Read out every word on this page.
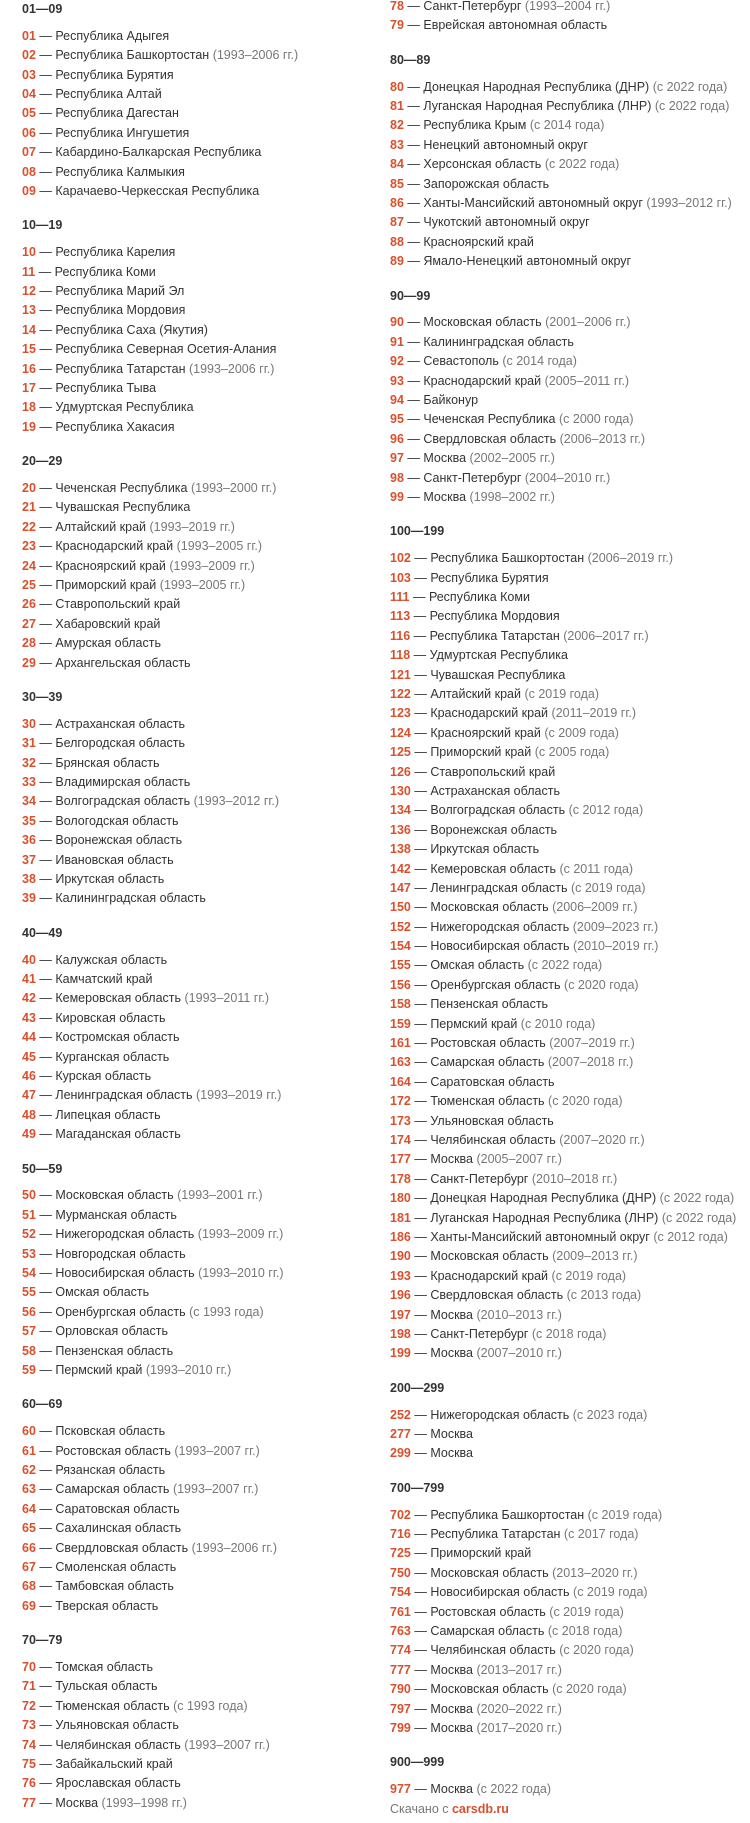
01—09
01 — Республика Адыгея
02 — Республика Башкортостан (1993–2006 гг.)
03 — Республика Бурятия
04 — Республика Алтай
05 — Республика Дагестан
06 — Республика Ингушетия
07 — Кабардино-Балкарская Республика
08 — Республика Калмыкия
09 — Карачаево-Черкесская Республика
10—19
10 — Республика Карелия
11 — Республика Коми
12 — Республика Марий Эл
13 — Республика Мордовия
14 — Республика Саха (Якутия)
15 — Республика Северная Осетия-Алания
16 — Республика Татарстан (1993–2006 гг.)
17 — Республика Тыва
18 — Удмуртская Республика
19 — Республика Хакасия
20—29
20 — Чеченская Республика (1993–2000 гг.)
21 — Чувашская Республика
22 — Алтайский край (1993–2019 гг.)
23 — Краснодарский край (1993–2005 гг.)
24 — Красноярский край (1993–2009 гг.)
25 — Приморский край (1993–2005 гг.)
26 — Ставропольский край
27 — Хабаровский край
28 — Амурская область
29 — Архангельская область
30—39
30 — Астраханская область
31 — Белгородская область
32 — Брянская область
33 — Владимирская область
34 — Волгоградская область (1993–2012 гг.)
35 — Вологодская область
36 — Воронежская область
37 — Ивановская область
38 — Иркутская область
39 — Калининградская область
40—49
40 — Калужская область
41 — Камчатский край
42 — Кемеровская область (1993–2011 гг.)
43 — Кировская область
44 — Костромская область
45 — Курганская область
46 — Курская область
47 — Ленинградская область (1993–2019 гг.)
48 — Липецкая область
49 — Магаданская область
50—59
50 — Московская область (1993–2001 гг.)
51 — Мурманская область
52 — Нижегородская область (1993–2009 гг.)
53 — Новгородская область
54 — Новосибирская область (1993–2010 гг.)
55 — Омская область
56 — Оренбургская область (с 1993 года)
57 — Орловская область
58 — Пензенская область
59 — Пермский край (1993–2010 гг.)
60—69
60 — Псковская область
61 — Ростовская область (1993–2007 гг.)
62 — Рязанская область
63 — Самарская область (1993–2007 гг.)
64 — Саратовская область
65 — Сахалинская область
66 — Свердловская область (1993–2006 гг.)
67 — Смоленская область
68 — Тамбовская область
69 — Тверская область
70—79
70 — Томская область
71 — Тульская область
72 — Тюменская область (с 1993 года)
73 — Ульяновская область
74 — Челябинская область (1993–2007 гг.)
75 — Забайкальский край
76 — Ярославская область
77 — Москва (1993–1998 гг.)
78 — Санкт-Петербург (1993–2004 гг.)
79 — Еврейская автономная область
80—89
80 — Донецкая Народная Республика (ДНР) (с 2022 года)
81 — Луганская Народная Республика (ЛНР) (с 2022 года)
82 — Республика Крым (с 2014 года)
83 — Ненецкий автономный округ
84 — Херсонская область (с 2022 года)
85 — Запорожская область
86 — Ханты-Мансийский автономный округ (1993–2012 гг.)
87 — Чукотский автономный округ
88 — Красноярский край
89 — Ямало-Ненецкий автономный округ
90—99
90 — Московская область (2001–2006 гг.)
91 — Калининградская область
92 — Севастополь (с 2014 года)
93 — Краснодарский край (2005–2011 гг.)
94 — Байконур
95 — Чеченская Республика (с 2000 года)
96 — Свердловская область (2006–2013 гг.)
97 — Москва (2002–2005 гг.)
98 — Санкт-Петербург (2004–2010 гг.)
99 — Москва (1998–2002 гг.)
100—199
102 — Республика Башкортостан (2006–2019 гг.)
103 — Республика Бурятия
111 — Республика Коми
113 — Республика Мордовия
116 — Республика Татарстан (2006–2017 гг.)
118 — Удмуртская Республика
121 — Чувашская Республика
122 — Алтайский край (с 2019 года)
123 — Краснодарский край (2011–2019 гг.)
124 — Красноярский край (с 2009 года)
125 — Приморский край (с 2005 года)
126 — Ставропольский край
130 — Астраханская область
134 — Волгоградская область (с 2012 года)
136 — Воронежская область
138 — Иркутская область
142 — Кемеровская область (с 2011 года)
147 — Ленинградская область (с 2019 года)
150 — Московская область (2006–2009 гг.)
152 — Нижегородская область (2009–2023 гг.)
154 — Новосибирская область (2010–2019 гг.)
155 — Омская область (с 2022 года)
156 — Оренбургская область (с 2020 года)
158 — Пензенская область
159 — Пермский край (с 2010 года)
161 — Ростовская область (2007–2019 гг.)
163 — Самарская область (2007–2018 гг.)
164 — Саратовская область
172 — Тюменская область (с 2020 года)
173 — Ульяновская область
174 — Челябинская область (2007–2020 гг.)
177 — Москва (2005–2007 гг.)
178 — Санкт-Петербург (2010–2018 гг.)
180 — Донецкая Народная Республика (ДНР) (с 2022 года)
181 — Луганская Народная Республика (ЛНР) (с 2022 года)
186 — Ханты-Мансийский автономный округ (с 2012 года)
190 — Московская область (2009–2013 гг.)
193 — Краснодарский край (с 2019 года)
196 — Свердловская область (с 2013 года)
197 — Москва (2010–2013 гг.)
198 — Санкт-Петербург (с 2018 года)
199 — Москва (2007–2010 гг.)
200—299
252 — Нижегородская область (с 2023 года)
277 — Москва
299 — Москва
700—799
702 — Республика Башкортостан (с 2019 года)
716 — Республика Татарстан (с 2017 года)
725 — Приморский край
750 — Московская область (2013–2020 гг.)
754 — Новосибирская область (с 2019 года)
761 — Ростовская область (с 2019 года)
763 — Самарская область (с 2018 года)
774 — Челябинская область (с 2020 года)
777 — Москва (2013–2017 гг.)
790 — Московская область (с 2020 года)
797 — Москва (2020–2022 гг.)
799 — Москва (2017–2020 гг.)
900—999
977 — Москва (с 2022 года)
Скачано с carsdb.ru
